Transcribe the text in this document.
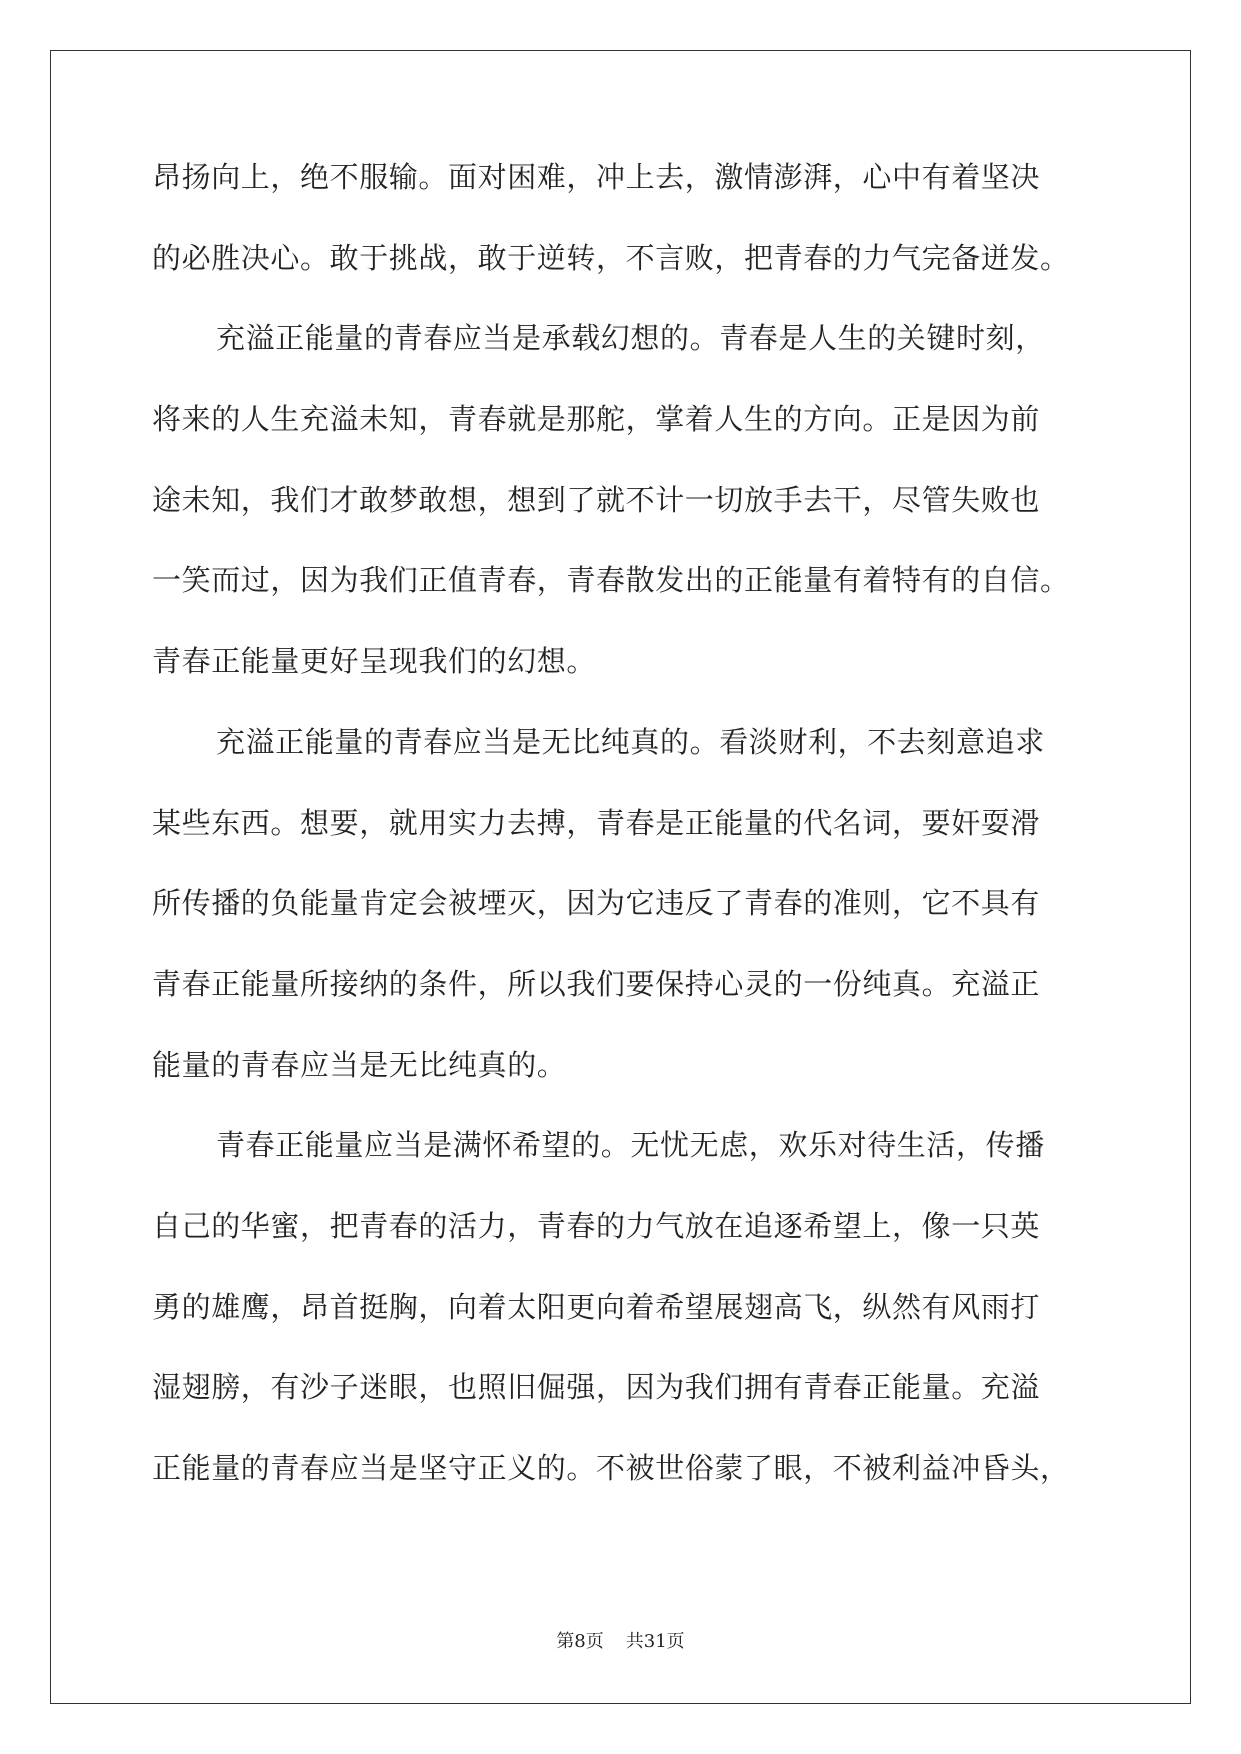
昂扬向上，绝不服输。面对困难，冲上去，激情澎湃，心中有着坚决
的必胜决心。敢于挑战，敢于逆转，不言败，把青春的力气完备迸发。
充溢正能量的青春应当是承载幻想的。青春是人生的关键时刻，
将来的人生充溢未知，青春就是那舵，掌着人生的方向。正是因为前
途未知，我们才敢梦敢想，想到了就不计一切放手去干，尽管失败也
一笑而过，因为我们正值青春，青春散发出的正能量有着特有的自信。
青春正能量更好呈现我们的幻想。
充溢正能量的青春应当是无比纯真的。看淡财利，不去刻意追求
某些东西。想要，就用实力去搏，青春是正能量的代名词，要奸耍滑
所传播的负能量肯定会被堙灭，因为它违反了青春的准则，它不具有
青春正能量所接纳的条件，所以我们要保持心灵的一份纯真。充溢正
能量的青春应当是无比纯真的。
青春正能量应当是满怀希望的。无忧无虑，欢乐对待生活，传播
自己的华蜜，把青春的活力，青春的力气放在追逐希望上，像一只英
勇的雄鹰，昂首挺胸，向着太阳更向着希望展翅高飞，纵然有风雨打
湿翅膀，有沙子迷眼，也照旧倔强，因为我们拥有青春正能量。充溢
正能量的青春应当是坚守正义的。不被世俗蒙了眼，不被利益冲昏头，
第8页 共31页
